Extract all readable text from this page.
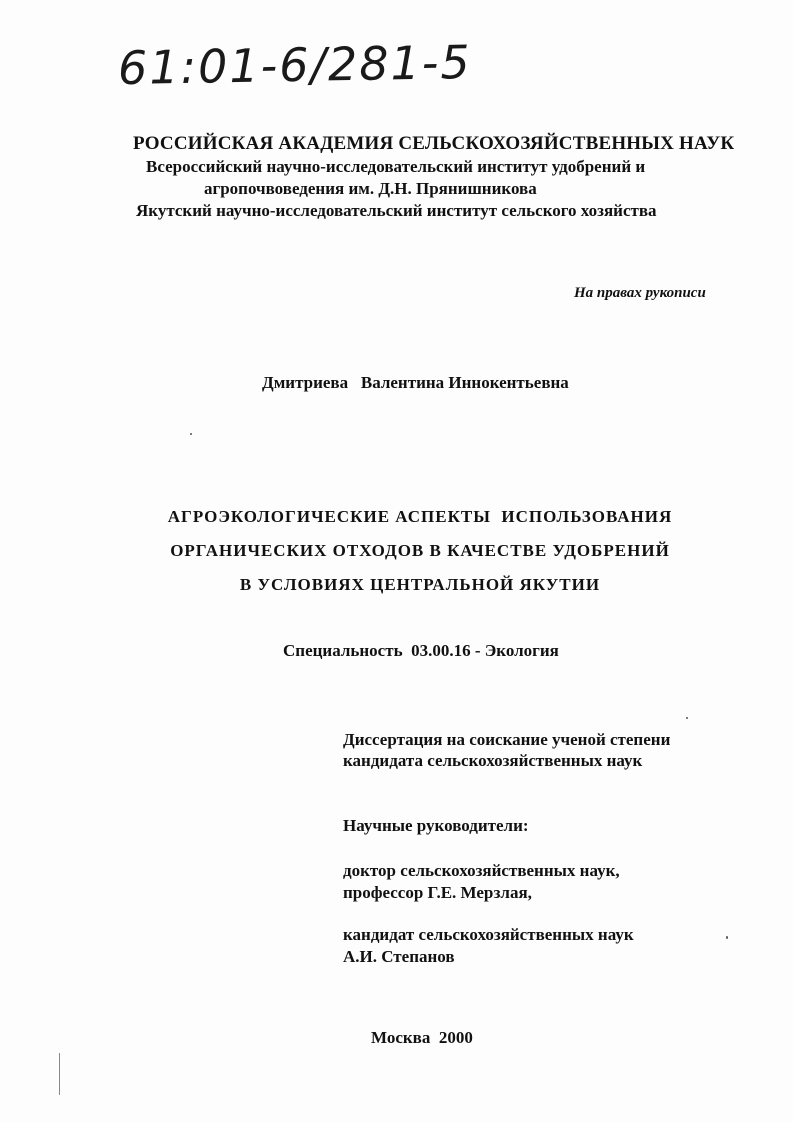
61:01-6/281-5
РОССИЙСКАЯ АКАДЕМИЯ СЕЛЬСКОХОЗЯЙСТВЕННЫХ НАУК
Всероссийский научно-исследовательский институт удобрений и
агропочвоведения им. Д.Н. Прянишникова
Якутский научно-исследовательский институт сельского хозяйства
На правах рукописи
Дмитриева   Валентина Иннокентьевна
АГРОЭКОЛОГИЧЕСКИЕ АСПЕКТЫ  ИСПОЛЬЗОВАНИЯ
ОРГАНИЧЕСКИХ ОТХОДОВ В КАЧЕСТВЕ УДОБРЕНИЙ
В УСЛОВИЯХ ЦЕНТРАЛЬНОЙ ЯКУТИИ
Специальность  03.00.16 - Экология
Диссертация на соискание ученой степени
кандидата сельскохозяйственных наук
Научные руководители:
доктор сельскохозяйственных наук,
профессор Г.Е. Мерзлая,
кандидат сельскохозяйственных наук
А.И. Степанов
Москва  2000
